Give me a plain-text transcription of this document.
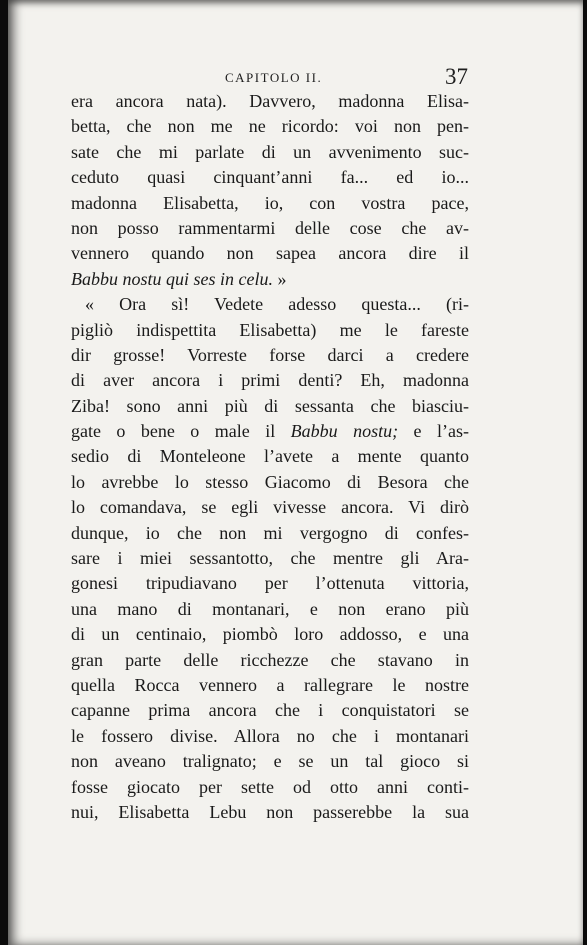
CAPITOLO II.	37
era ancora nata). Davvero, madonna Elisa-
betta, che non me ne ricordo: voi non pen-
sate che mi parlate di un avvenimento suc-
ceduto quasi cinquant’anni fa... ed io...
madonna Elisabetta, io, con vostra pace,
non posso rammentarmi delle cose che av-
vennero quando non sapea ancora dire il
Babbu nostu qui ses in celu. »
« Ora sì! Vedete adesso questa... (ri-
pigliò indispettita Elisabetta) me le fareste
dir grosse! Vorreste forse darci a credere
di aver ancora i primi denti? Eh, madonna
Ziba! sono anni più di sessanta che biasciu-
gate o bene o male il Babbu nostu; e l’as-
sedio di Monteleone l’avete a mente quanto
lo avrebbe lo stesso Giacomo di Besora che
lo comandava, se egli vivesse ancora. Vi dirò
dunque, io che non mi vergogno di confes-
sare i miei sessantotto, che mentre gli Ara-
gonesi tripudiavano per l’ottenuta vittoria,
una mano di montanari, e non erano più
di un centinaio, piombò loro addosso, e una
gran parte delle ricchezze che stavano in
quella Rocca vennero a rallegrare le nostre
capanne prima ancora che i conquistatori se
le fossero divise. Allora no che i montanari
non aveano tralignato; e se un tal gioco si
fosse giocato per sette od otto anni conti-
nui, Elisabetta Lebu non passerebbe la sua
